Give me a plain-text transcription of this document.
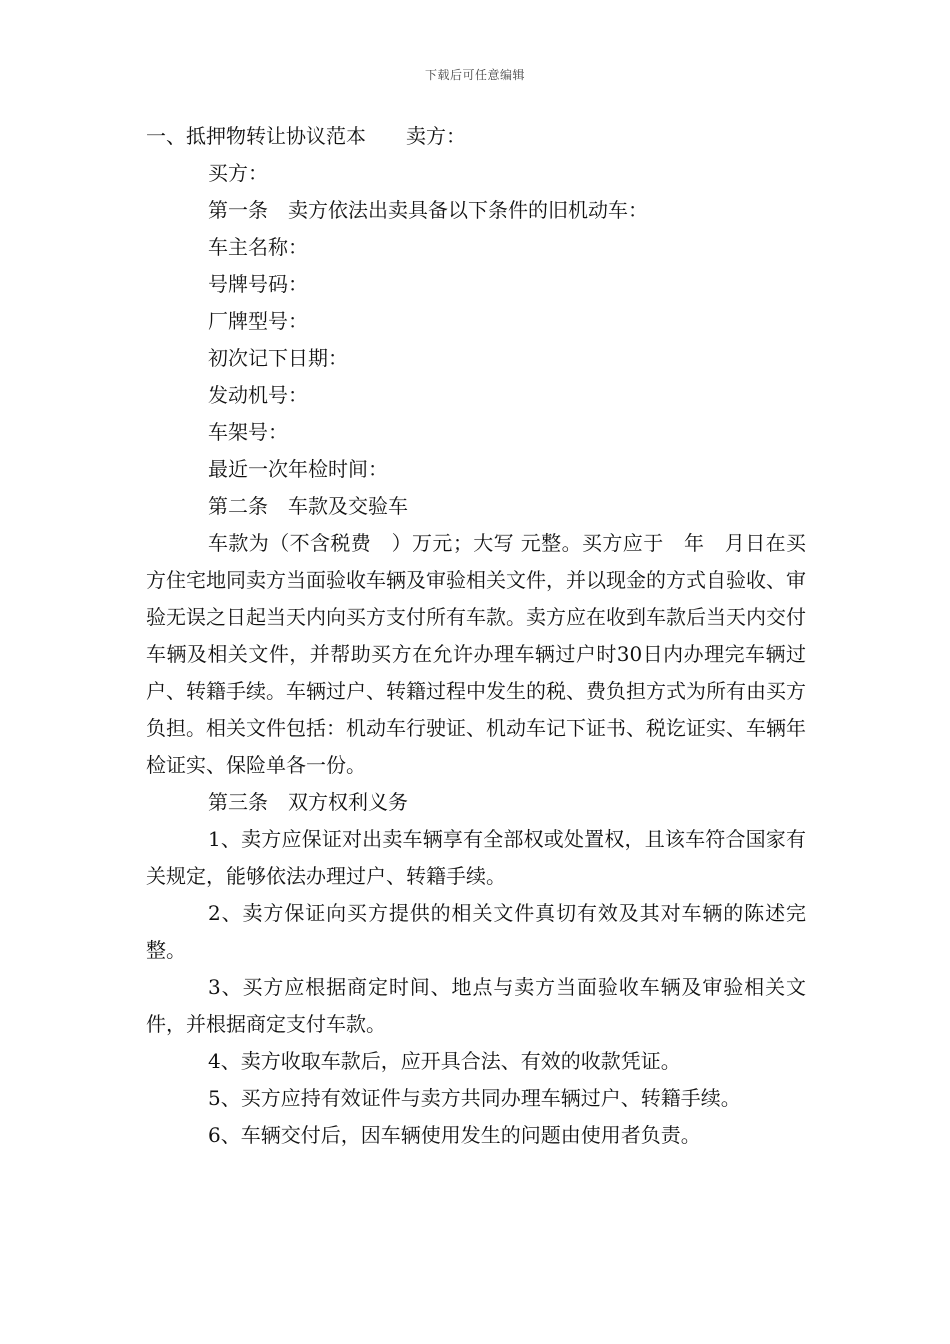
下载后可任意编辑

一、抵押物转让协议范本 卖方：

买方：

第一条　卖方依法出卖具备以下条件的旧机动车：

车主名称：

号牌号码：

厂牌型号：

初次记下日期：

发动机号：

车架号：

最近一次年检时间：

第二条　车款及交验车

车款为（不含税费　）万元；大写 元整。买方应于　年　月日在买方住宅地同卖方当面验收车辆及审验相关文件，并以现金的方式自验收、审验无误之日起当天内向买方支付所有车款。卖方应在收到车款后当天内交付车辆及相关文件，并帮助买方在允许办理车辆过户时30日内办理完车辆过户、转籍手续。车辆过户、转籍过程中发生的税、费负担方式为所有由买方负担。相关文件包括：机动车行驶证、机动车记下证书、税讫证实、车辆年检证实、保险单各一份。

第三条　双方权利义务

1、卖方应保证对出卖车辆享有全部权或处置权，且该车符合国家有关规定，能够依法办理过户、转籍手续。

2、卖方保证向买方提供的相关文件真切有效及其对车辆的陈述完整。

3、买方应根据商定时间、地点与卖方当面验收车辆及审验相关文件，并根据商定支付车款。

4、卖方收取车款后，应开具合法、有效的收款凭证。

5、买方应持有效证件与卖方共同办理车辆过户、转籍手续。

6、车辆交付后，因车辆使用发生的问题由使用者负责。
